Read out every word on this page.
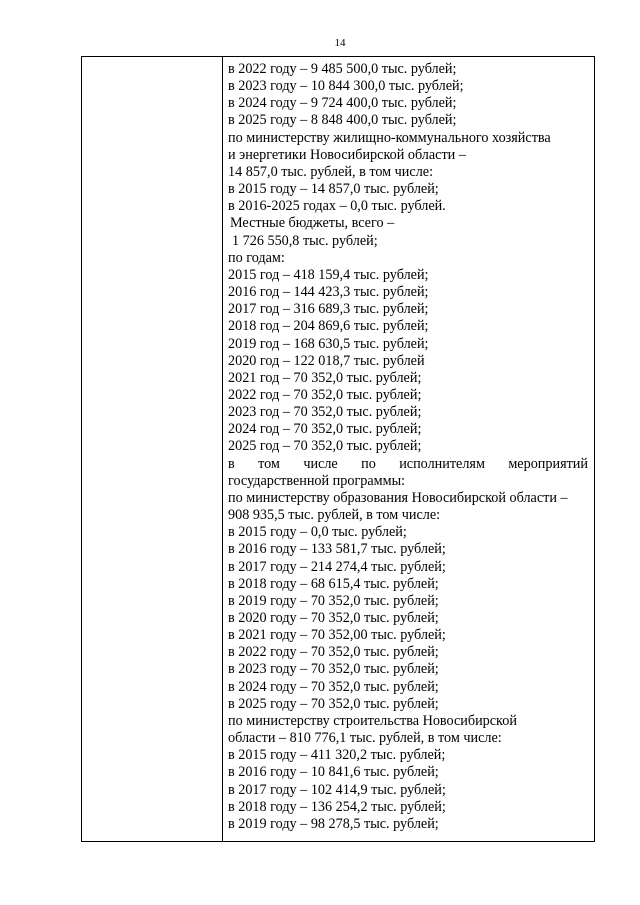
14

в 2022 году – 9 485 500,0 тыс. рублей;

в 2023 году – 10 844 300,0 тыс. рублей;

в 2024 году – 9 724 400,0 тыс. рублей;

в 2025 году – 8 848 400,0 тыс. рублей;

по министерству жилищно-коммунального хозяйства

и энергетики Новосибирской области –

14 857,0 тыс. рублей, в том числе:

в 2015 году – 14 857,0 тыс. рублей;

в 2016-2025 годах – 0,0 тыс. рублей.

Местные бюджеты, всего –

1 726 550,8 тыс. рублей;

по годам:

2015 год – 418 159,4 тыс. рублей;

2016 год – 144 423,3 тыс. рублей;

2017 год – 316 689,3 тыс. рублей;

2018 год – 204 869,6 тыс. рублей;

2019 год – 168 630,5 тыс. рублей;

2020 год – 122 018,7 тыс. рублей

2021 год – 70 352,0 тыс. рублей;

2022 год – 70 352,0 тыс. рублей;

2023 год – 70 352,0 тыс. рублей;

2024 год – 70 352,0 тыс. рублей;

2025 год – 70 352,0 тыс. рублей;

в том числе по исполнителям мероприятий

государственной программы:

по министерству образования Новосибирской области –

908 935,5 тыс. рублей, в том числе:

в 2015 году – 0,0 тыс. рублей;

в 2016 году – 133 581,7 тыс. рублей;

в 2017 году – 214 274,4 тыс. рублей;

в 2018 году – 68 615,4 тыс. рублей;

в 2019 году – 70 352,0 тыс. рублей;

в 2020 году – 70 352,0 тыс. рублей;

в 2021 году – 70 352,00 тыс. рублей;

в 2022 году – 70 352,0 тыс. рублей;

в 2023 году – 70 352,0 тыс. рублей;

в 2024 году – 70 352,0 тыс. рублей;

в 2025 году – 70 352,0 тыс. рублей;

по министерству строительства Новосибирской

области – 810 776,1 тыс. рублей, в том числе:

в 2015 году – 411 320,2 тыс. рублей;

в 2016 году – 10 841,6 тыс. рублей;

в 2017 году – 102 414,9 тыс. рублей;

в 2018 году – 136 254,2 тыс. рублей;

в 2019 году – 98 278,5 тыс. рублей;
